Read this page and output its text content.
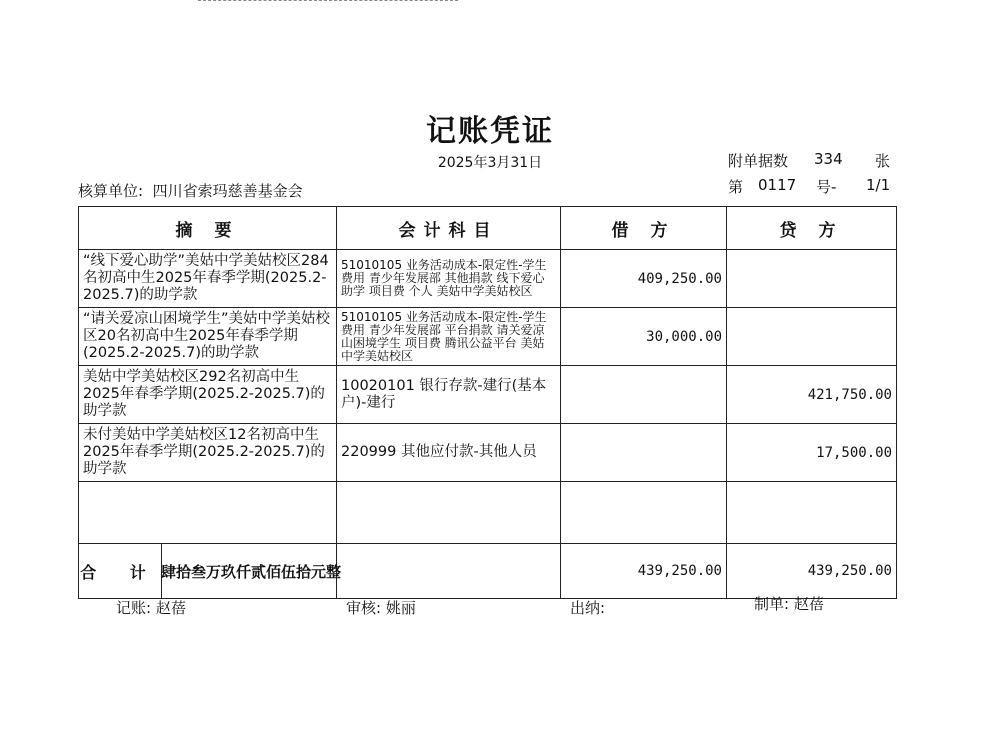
记账凭证
2025年3月31日	附单据数 334 张
核算单位: 四川省索玛慈善基金会	第 0117 号- 1/1
摘 要	会计科目	借 方	贷 方
“线下爱心助学”美姑中学美姑校区284名初高中生2025年春季学期(2025.2-2025.7)的助学款	51010105 业务活动成本-限定性-学生费用 青少年发展部 其他捐款 线下爱心助学 项目费 个人 美姑中学美姑校区	409,250.00	
“请关爱凉山困境学生”美姑中学美姑校区20名初高中生2025年春季学期(2025.2-2025.7)的助学款	51010105 业务活动成本-限定性-学生费用 青少年发展部 平台捐款 请关爱凉山困境学生 项目费 腾讯公益平台 美姑中学美姑校区	30,000.00	
美姑中学美姑校区292名初高中生2025年春季学期(2025.2-2025.7)的助学款	10020101 银行存款-建行(基本户)-建行		421,750.00
未付美姑中学美姑校区12名初高中生2025年春季学期(2025.2-2025.7)的助学款	220999 其他应付款-其他人员		17,500.00

合 计	肆拾叁万玖仟贰佰伍拾元整	439,250.00	439,250.00
记账: 赵蓓	审核: 姚丽	出纳:	制单: 赵蓓
